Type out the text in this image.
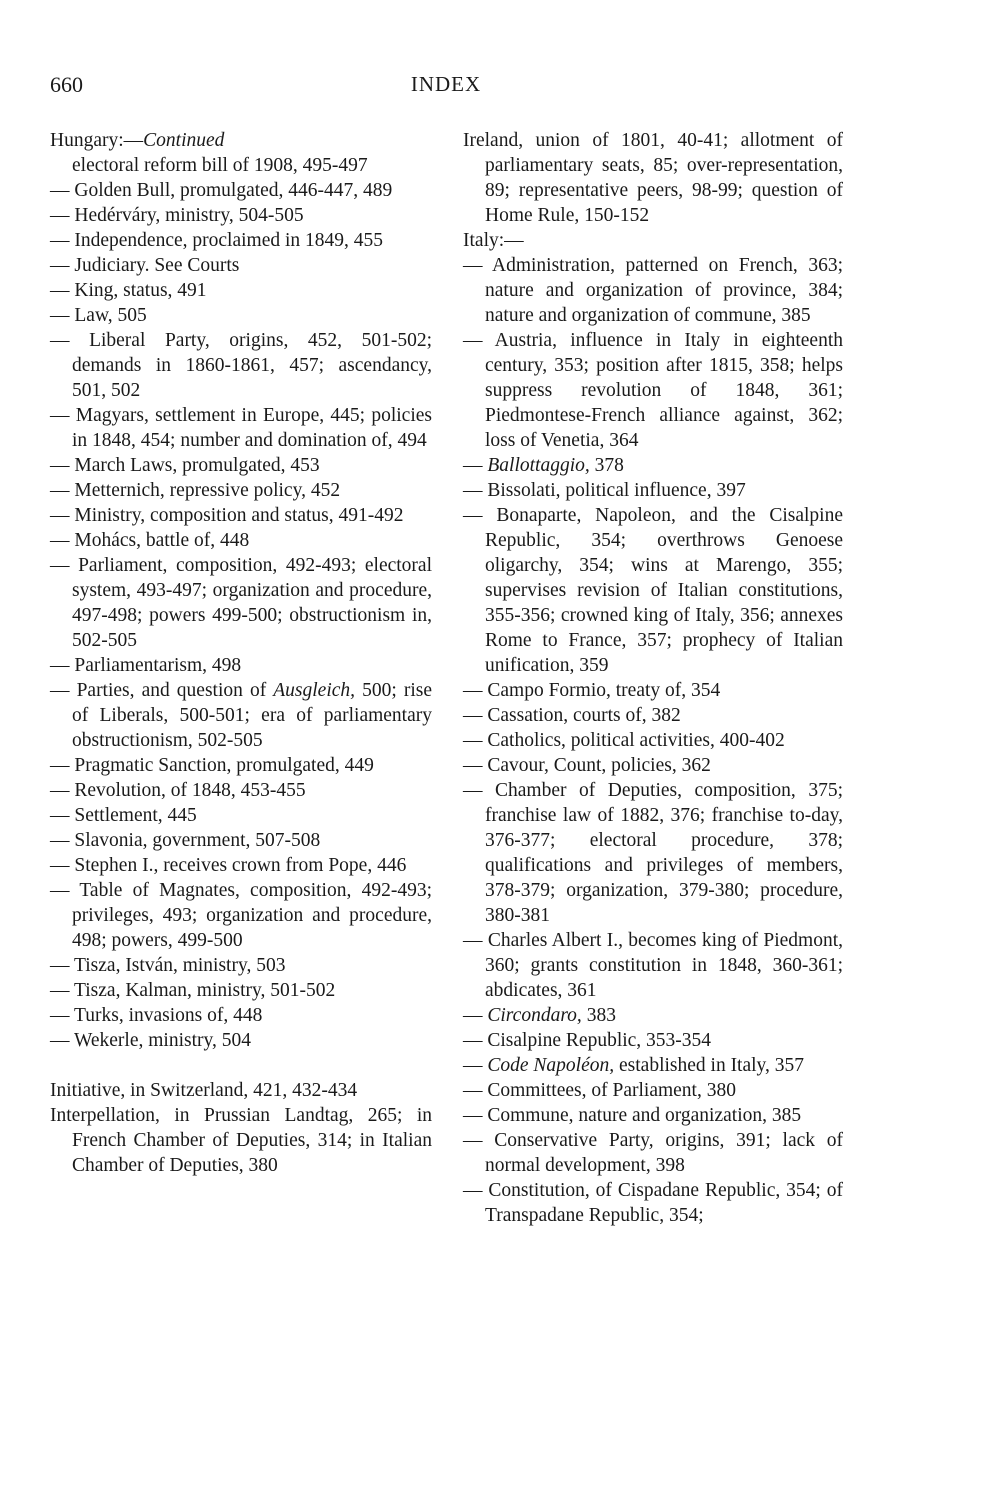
660	INDEX
Hungary:—Continued
electoral reform bill of 1908, 495-497
— Golden Bull, promulgated, 446-447, 489
— Hedérváry, ministry, 504-505
— Independence, proclaimed in 1849, 455
— Judiciary. See Courts
— King, status, 491
— Law, 505
— Liberal Party, origins, 452, 501-502; demands in 1860-1861, 457; ascendancy, 501, 502
— Magyars, settlement in Europe, 445; policies in 1848, 454; number and domination of, 494
— March Laws, promulgated, 453
— Metternich, repressive policy, 452
— Ministry, composition and status, 491-492
— Mohács, battle of, 448
— Parliament, composition, 492-493; electoral system, 493-497; organization and procedure, 497-498; powers 499-500; obstructionism in, 502-505
— Parliamentarism, 498
— Parties, and question of Ausgleich, 500; rise of Liberals, 500-501; era of parliamentary obstructionism, 502-505
— Pragmatic Sanction, promulgated, 449
— Revolution, of 1848, 453-455
— Settlement, 445
— Slavonia, government, 507-508
— Stephen I., receives crown from Pope, 446
— Table of Magnates, composition, 492-493; privileges, 493; organization and procedure, 498; powers, 499-500
— Tisza, István, ministry, 503
— Tisza, Kalman, ministry, 501-502
— Turks, invasions of, 448
— Wekerle, ministry, 504
Initiative, in Switzerland, 421, 432-434
Interpellation, in Prussian Landtag, 265; in French Chamber of Deputies, 314; in Italian Chamber of Deputies, 380
Ireland, union of 1801, 40-41; allotment of parliamentary seats, 85; over-representation, 89; representative peers, 98-99; question of Home Rule, 150-152
Italy:—
— Administration, patterned on French, 363; nature and organization of province, 384; nature and organization of commune, 385
— Austria, influence in Italy in eighteenth century, 353; position after 1815, 358; helps suppress revolution of 1848, 361; Piedmontese-French alliance against, 362; loss of Venetia, 364
— Ballottaggio, 378
— Bissolati, political influence, 397
— Bonaparte, Napoleon, and the Cisalpine Republic, 354; overthrows Genoese oligarchy, 354; wins at Marengo, 355; supervises revision of Italian constitutions, 355-356; crowned king of Italy, 356; annexes Rome to France, 357; prophecy of Italian unification, 359
— Campo Formio, treaty of, 354
— Cassation, courts of, 382
— Catholics, political activities, 400-402
— Cavour, Count, policies, 362
— Chamber of Deputies, composition, 375; franchise law of 1882, 376; franchise to-day, 376-377; electoral procedure, 378; qualifications and privileges of members, 378-379; organization, 379-380; procedure, 380-381
— Charles Albert I., becomes king of Piedmont, 360; grants constitution in 1848, 360-361; abdicates, 361
— Circondaro, 383
— Cisalpine Republic, 353-354
— Code Napoléon, established in Italy, 357
— Committees, of Parliament, 380
— Commune, nature and organization, 385
— Conservative Party, origins, 391; lack of normal development, 398
— Constitution, of Cispadane Republic, 354; of Transpadane Republic, 354;
